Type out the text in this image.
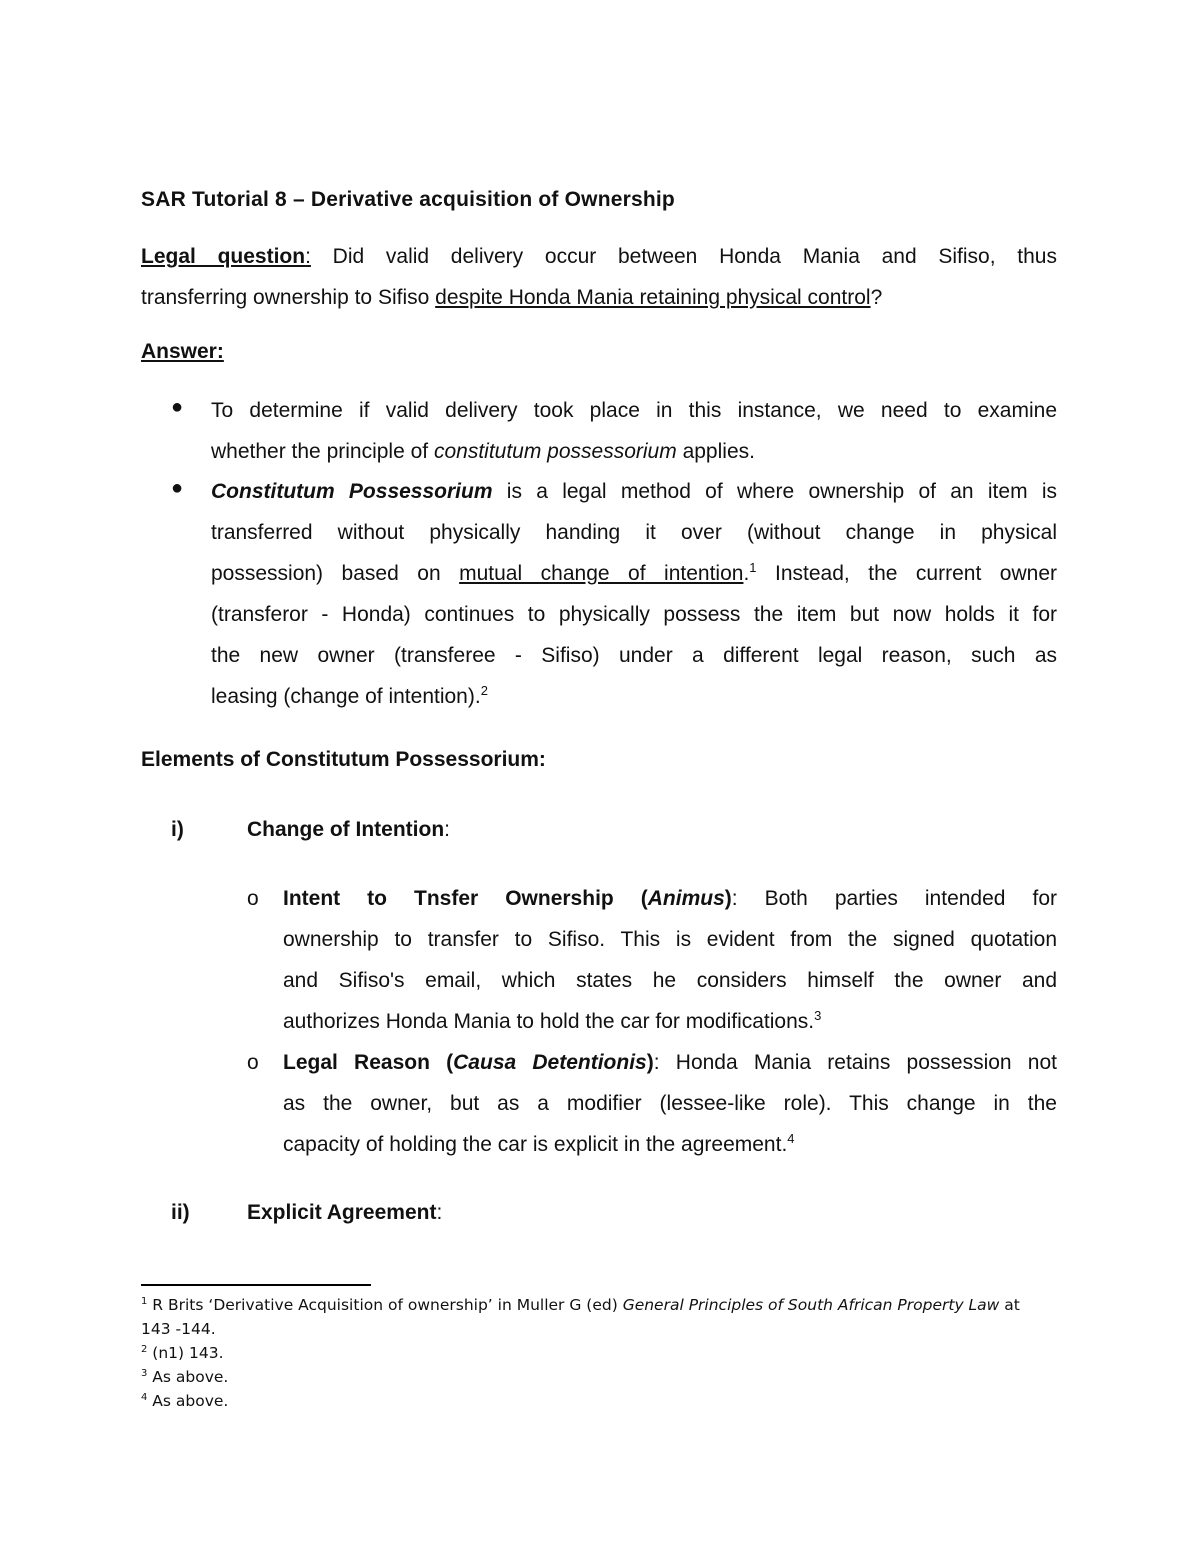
SAR Tutorial 8 – Derivative acquisition of Ownership
Legal question: Did valid delivery occur between Honda Mania and Sifiso, thus
transferring ownership to Sifiso despite Honda Mania retaining physical control?
Answer:
● To determine if valid delivery took place in this instance, we need to examine
whether the principle of constitutum possessorium applies.
● Constitutum Possessorium is a legal method of where ownership of an item is
transferred without physically handing it over (without change in physical
possession) based on mutual change of intention.$^1$ Instead, the current owner
(transferor - Honda) continues to physically possess the item but now holds it for
the new owner (transferee - Sifiso) under a different legal reason, such as
leasing (change of intention).$^2$
Elements of Constitutum Possessorium:
i)	Change of Intention:
o Intent to Tnsfer Ownership (Animus): Both parties intended for
ownership to transfer to Sifiso. This is evident from the signed quotation
and Sifiso's email, which states he considers himself the owner and
authorizes Honda Mania to hold the car for modifications.$^3$
o Legal Reason (Causa Detentionis): Honda Mania retains possession not
as the owner, but as a modifier (lessee-like role). This change in the
capacity of holding the car is explicit in the agreement.$^4$
ii)	Explicit Agreement:
$^1$ R Brits ‘Derivative Acquisition of ownership’ in Muller G (ed) General Principles of South African Property Law at
143 -144.
$^2$ (n1) 143.
$^3$ As above.
$^4$ As above.
